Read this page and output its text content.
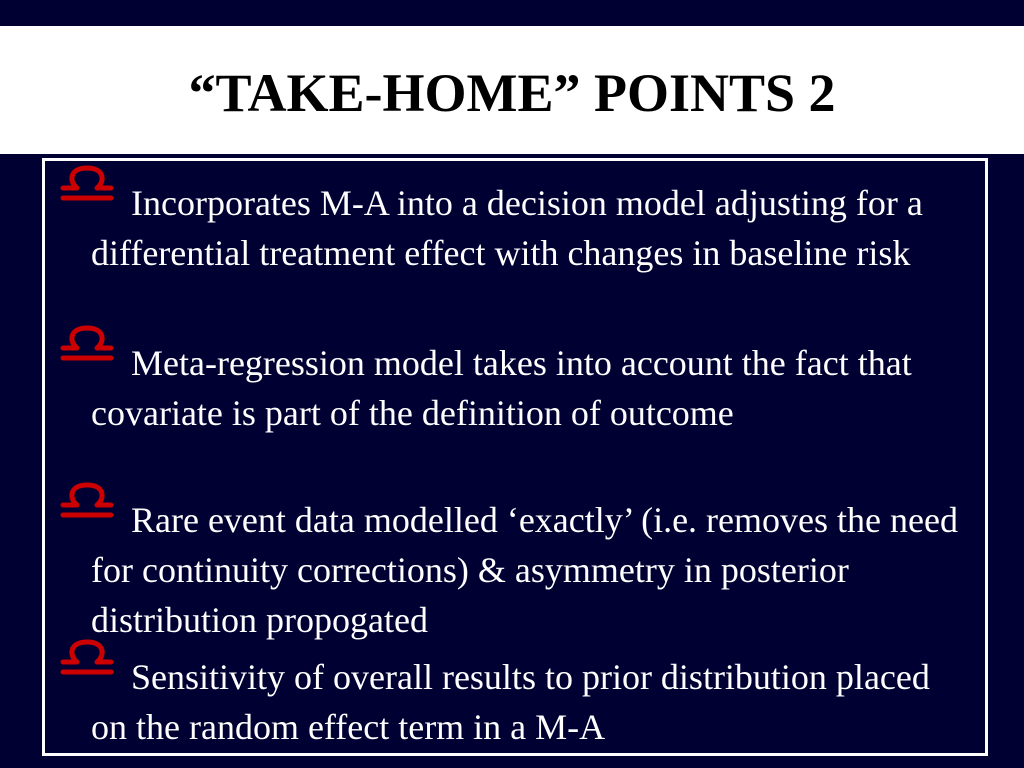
“TAKE-HOME” POINTS 2
Incorporates M-A into a decision model adjusting for a differential treatment effect with changes in baseline risk
Meta-regression model takes into account the fact that covariate is part of the definition of outcome
Rare event data modelled ‘exactly’ (i.e. removes the need for continuity corrections) & asymmetry in posterior distribution propogated
Sensitivity of overall results to prior distribution placed on the random effect term in a M-A
